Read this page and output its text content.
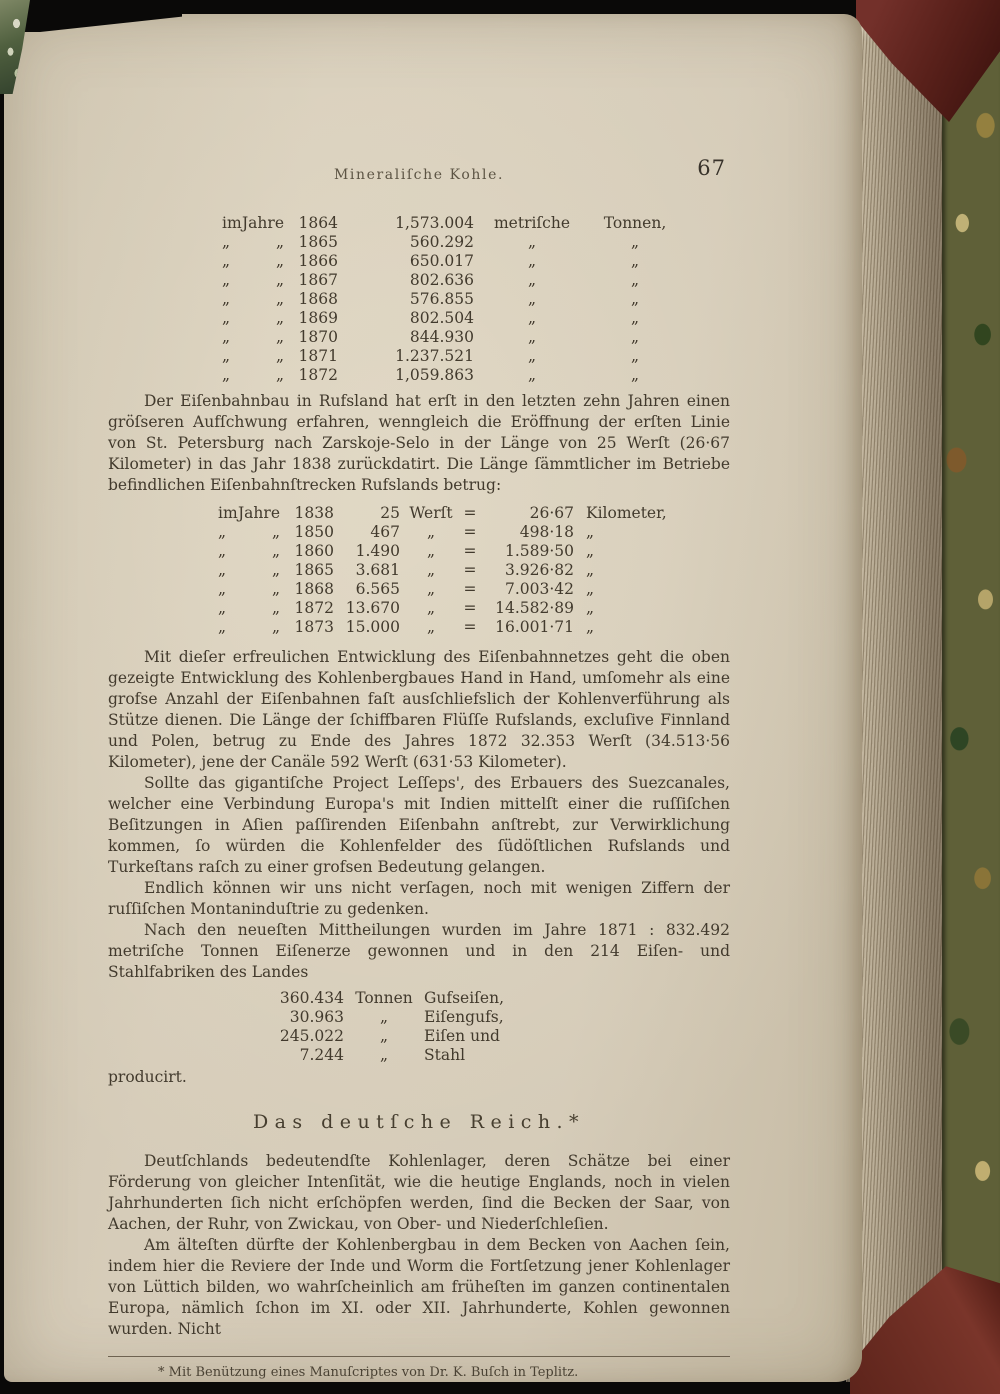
Mineraliſche Kohle.	67
im Jahre 1864	1,573.004	metriſche	Tonnen,
„	„ 1865	560.292	„	„
„	„ 1866	650.017	„	„
„	„ 1867	802.636	„	„
„	„ 1868	576.855	„	„
„	„ 1869	802.504	„	„
„	„ 1870	844.930	„	„
„	„ 1871	1.237.521	„	„
„	„ 1872	1,059.863	„	„

Der Eiſenbahnbau in Rufsland hat erſt in den letzten zehn Jahren einen gröſseren Aufſchwung erfahren, wenngleich die Eröffnung der erſten Linie von St. Petersburg nach Zarskoje-Selo in der Länge von 25 Werſt (26·67 Kilometer) in das Jahr 1838 zurückdatirt. Die Länge ſämmtlicher im Betriebe befindlichen Eiſenbahnſtrecken Rufslands betrug:

im Jahre 1838	25 Werſt =	26·67 Kilometer,
„	„ 1850	467	„	=	498·18 „
„	„ 1860	1.490	„	=	1.589·50 „
„	„ 1865	3.681	„	=	3.926·82 „
„	„ 1868	6.565	„	=	7.003·42 „
„	„ 1872 13.670	„	=	14.582·89 „
„	„ 1873 15.000	„	=	16.001·71 „

Mit dieſer erfreulichen Entwicklung des Eiſenbahnnetzes geht die oben gezeigte Entwicklung des Kohlenbergbaues Hand in Hand, umſomehr als eine grofse Anzahl der Eiſenbahnen faſt ausſchliefslich der Kohlenverführung als Stütze dienen. Die Länge der ſchiffbaren Flüſſe Rufslands, excluſive Finnland und Polen, betrug zu Ende des Jahres 1872 32.353 Werſt (34.513·56 Kilometer), jene der Canäle 592 Werſt (631·53 Kilometer).

Sollte das gigantiſche Project Leſſeps', des Erbauers des Suezcanales, welcher eine Verbindung Europa's mit Indien mittelſt einer die ruſſiſchen Beſitzungen in Aſien paſſirenden Eiſenbahn anſtrebt, zur Verwirklichung kommen, ſo würden die Kohlenfelder des ſüdöſtlichen Rufslands und Turkeſtans raſch zu einer grofsen Bedeutung gelangen.

Endlich können wir uns nicht verſagen, noch mit wenigen Ziffern der ruſſiſchen Montaninduſtrie zu gedenken.

Nach den neueſten Mittheilungen wurden im Jahre 1871 : 832.492 metriſche Tonnen Eiſenerze gewonnen und in den 214 Eiſen- und Stahlfabriken des Landes

360.434 Tonnen Gufseiſen,
30.963	„	Eiſengufs,
245.022	„	Eiſen und
7.244	„	Stahl

producirt.

Das deutſche Reich.*

Deutſchlands bedeutendſte Kohlenlager, deren Schätze bei einer Förderung von gleicher Intenſität, wie die heutige Englands, noch in vielen Jahrhunderten ſich nicht erſchöpfen werden, ſind die Becken der Saar, von Aachen, der Ruhr, von Zwickau, von Ober- und Niederſchleſien.

Am älteſten dürfte der Kohlenbergbau in dem Becken von Aachen ſein, indem hier die Reviere der Inde und Worm die Fortſetzung jener Kohlenlager von Lüttich bilden, wo wahrſcheinlich am früheſten im ganzen continentalen Europa, nämlich ſchon im XI. oder XII. Jahrhunderte, Kohlen gewonnen wurden. Nicht

* Mit Benützung eines Manuſcriptes von Dr. K. Buſch in Teplitz.
